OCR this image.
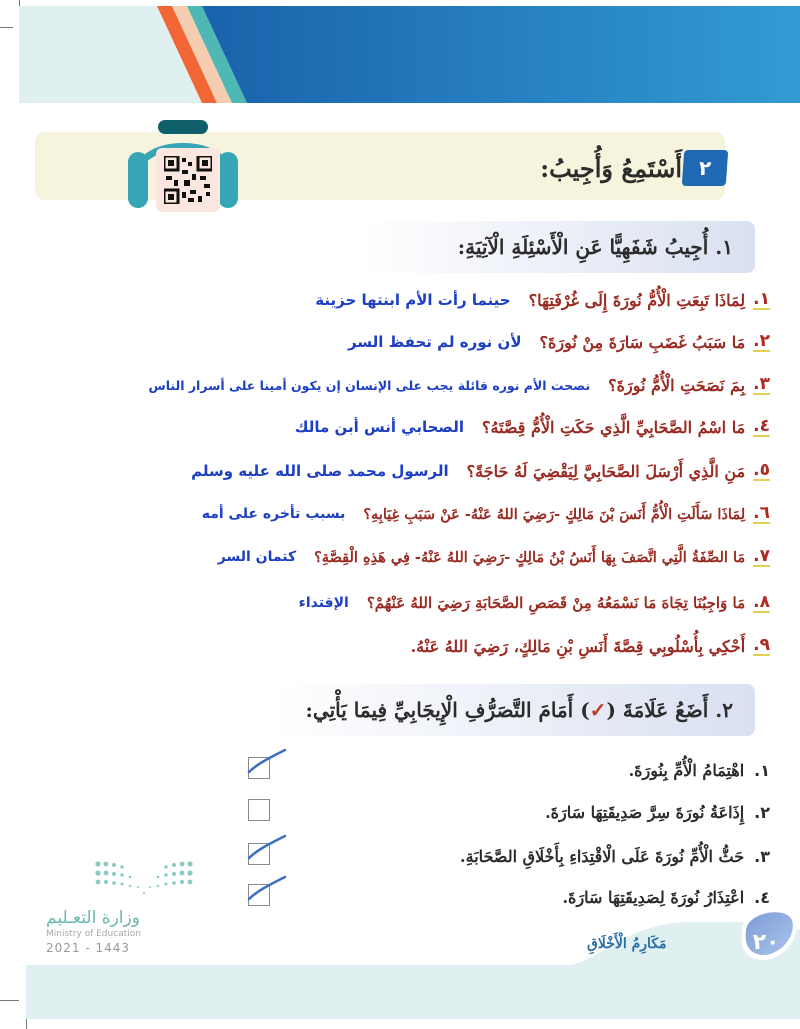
٢
أَسْتَمِعُ وَأُجِيبُ:
١. أُجِيبُ شَفَهِيًّا عَنِ الْأَسْئِلَةِ الْآتِيَةِ:
١.
لِمَاذَا تَبِعَتِ الْأُمُّ نُورَةَ إِلَى غُرْفَتِهَا؟
حينما رأت الأم ابنتها حزينة
٢.
مَا سَبَبُ غَضَبِ سَارَةَ مِنْ نُورَةَ؟
لأن نوره لم تحفظ السر
٣.
بِمَ نَصَحَتِ الْأُمُّ نُورَةَ؟
نصحت الأم نوره قائلة يجب على الإنسان إن يكون أمينا على أسرار الناس
٤.
مَا اسْمُ الصَّحَابِيِّ الَّذِي حَكَتِ الْأُمُّ قِصَّتَهُ؟
الصحابي أنس أبن مالك
٥.
مَنِ الَّذِي أَرْسَلَ الصَّحَابِيَّ لِيَقْضِيَ لَهُ حَاجَةً؟
الرسول محمد صلى الله عليه وسلم
٦.
لِمَاذَا سَأَلَتِ الْأُمُّ أَنَسَ بْنَ مَالِكٍ -رَضِيَ اللهُ عَنْهُ- عَنْ سَبَبِ غِيَابِهِ؟
بسبب تأخره على أمه
٧.
مَا الصِّفَةُ الَّتِي اتَّصَفَ بِهَا أَنَسُ بْنُ مَالِكٍ -رَضِيَ اللهُ عَنْهُ- فِي هَذِهِ الْقِصَّةِ؟
كتمان السر
٨.
مَا وَاجِبُنَا تِجَاهَ مَا نَسْمَعُهُ مِنْ قَصَصِ الصَّحَابَةِ رَضِيَ اللهُ عَنْهُمْ؟
الإقتداء
٩.
أَحْكِي بِأُسْلُوبِي قِصَّةَ أَنَسِ بْنِ مَالِكٍ، رَضِيَ اللهُ عَنْهُ.
٢. أَضَعُ عَلَامَةَ (✓) أَمَامَ التَّصَرُّفِ الْإِيجَابِيِّ فِيمَا يَأْتِي:
١.
اهْتِمَامُ الْأُمِّ بِنُورَةَ.
٢.
إِذَاعَةُ نُورَةَ سِرَّ صَدِيقَتِهَا سَارَةَ.
٣.
حَثُّ الْأُمِّ نُورَةَ عَلَى الْاقْتِدَاءِ بِأَخْلَاقِ الصَّحَابَةِ.
٤.
اعْتِذَارُ نُورَةَ لِصَدِيقَتِهَا سَارَةَ.
وزارة التعـليم
Ministry of Education
2021 - 1443	٢٠
مَكَارِمُ الْأَخْلَاقِ
